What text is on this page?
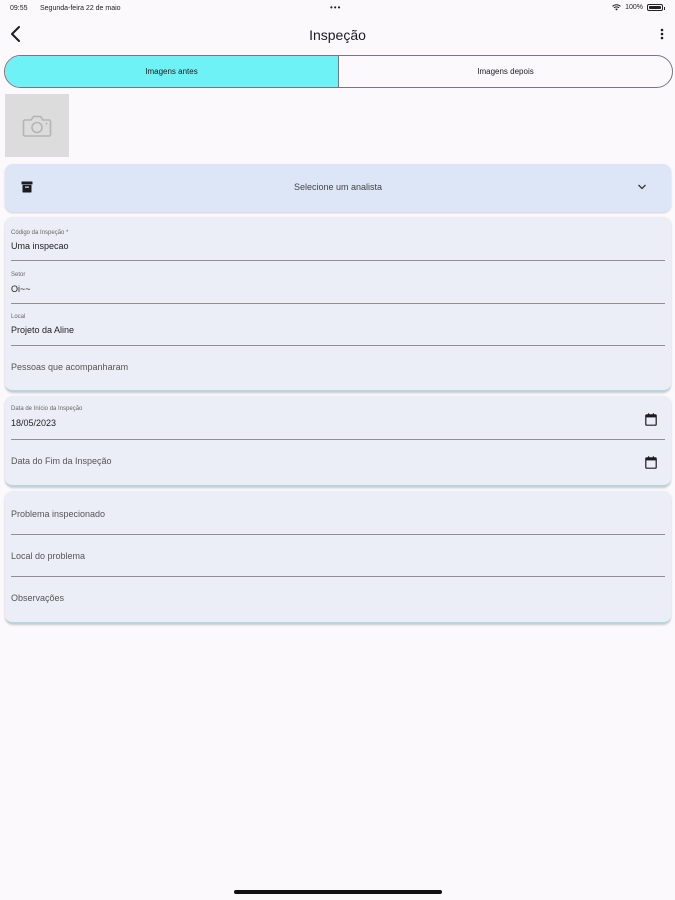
09:55 Segunda-feira 22 de maio	•••	100%
Inspeção
Imagens antes	Imagens depois
Selecione um analista
Código da Inspeção *
Uma inspecao
Setor
Oi~~
Local
Projeto da Aline
Pessoas que acompanharam
Data de Início da Inspeção
18/05/2023
Data do Fim da Inspeção
Problema inspecionado
Local do problema
Observações
